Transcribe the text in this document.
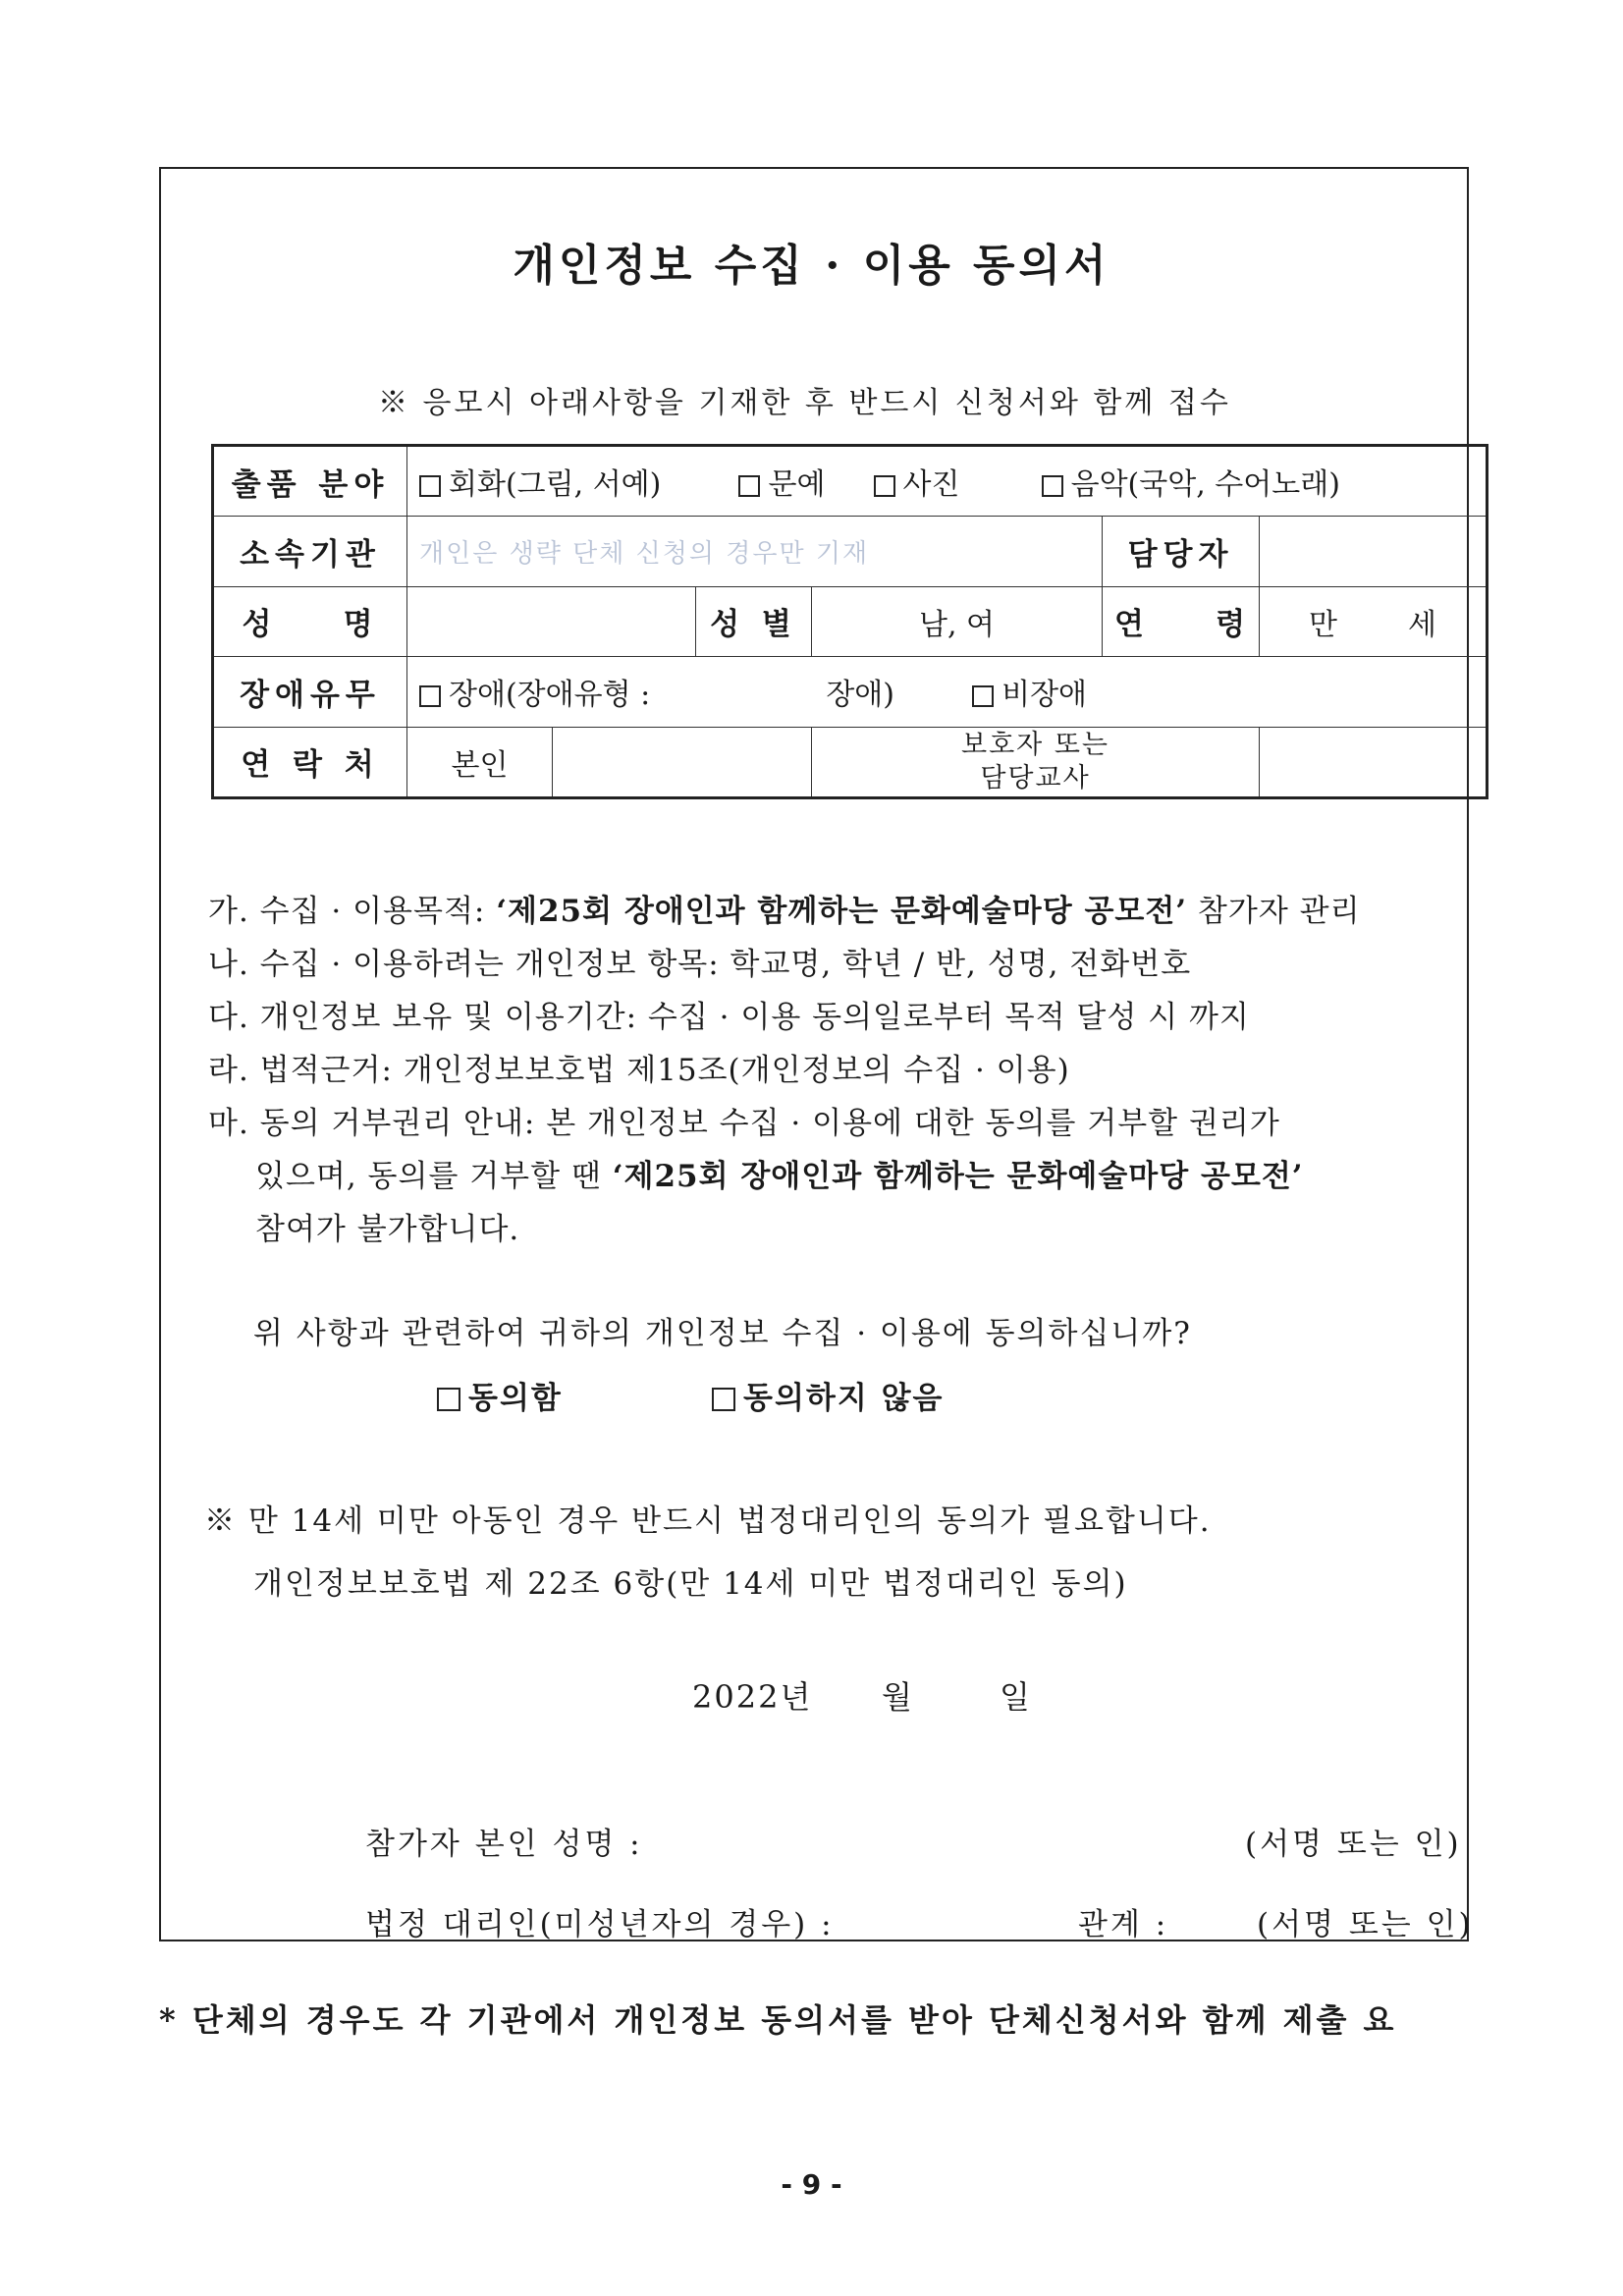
개인정보 수집 · 이용 동의서
※ 응모시 아래사항을 기재한 후 반드시 신청서와 함께 접수
출품 분야	회화(그림, 서예) 문예 사진 음악(국악, 수어노래)					
소속기관	개인은 생략 단체 신청의 경우만 기재				담당자	
성    명			성 별	남, 여	연    령	만 세
장애유무	장애(장애유형 : 장애) 비장애					
연 락 처	본인			보호자 또는
담당교사		

가. 수집 · 이용목적: ‘제25회 장애인과 함께하는 문화예술마당 공모전’ 참가자 관리
나. 수집 · 이용하려는 개인정보 항목: 학교명, 학년 / 반, 성명, 전화번호
다. 개인정보 보유 및 이용기간: 수집 · 이용 동의일로부터 목적 달성 시 까지
라. 법적근거: 개인정보보호법 제15조(개인정보의 수집 · 이용)
마. 동의 거부권리 안내: 본 개인정보 수집 · 이용에 대한 동의를 거부할 권리가
있으며, 동의를 거부할 땐 ‘제25회 장애인과 함께하는 문화예술마당 공모전’
참여가 불가합니다.
위 사항과 관련하여 귀하의 개인정보 수집 · 이용에 동의하십니까?
동의함	동의하지 않음
※ 만 14세 미만 아동인 경우 반드시 법정대리인의 동의가 필요합니다.
개인정보보호법 제 22조 6항(만 14세 미만 법정대리인 동의)
2022년 월	일
참가자 본인 성명 :	(서명 또는 인)
법정 대리인(미성년자의 경우) :	관계 :	(서명 또는 인)
* 단체의 경우도 각 기관에서 개인정보 동의서를 받아 단체신청서와 함께 제출 요
- 9 -
